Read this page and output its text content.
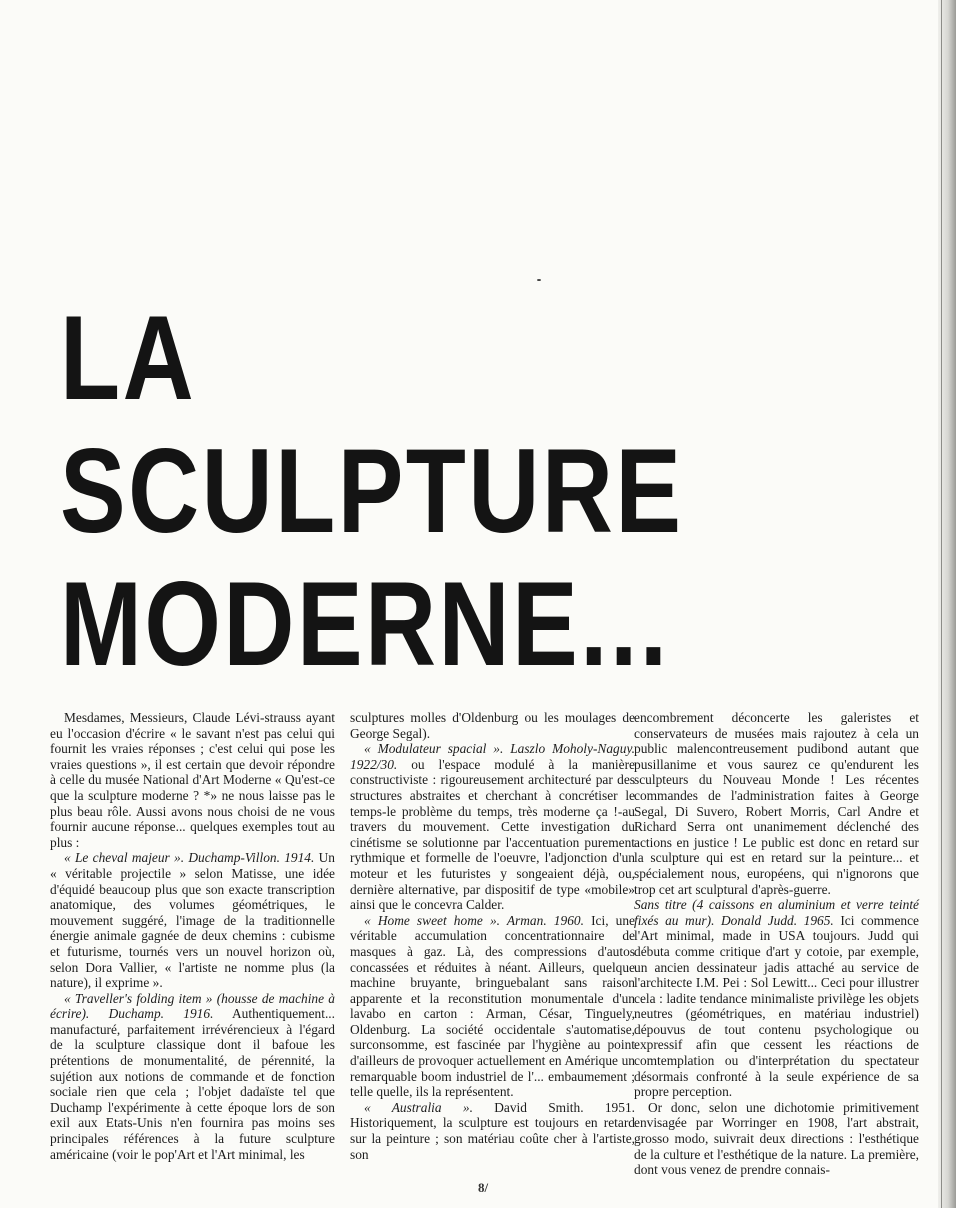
LA
SCULPTURE
MODERNE...

Mesdames, Messieurs, Claude Lévi-strauss ayant eu l'occasion d'écrire « le savant n'est pas celui qui fournit les vraies réponses ; c'est celui qui pose les vraies questions », il est certain que devoir répondre à celle du musée National d'Art Moderne « Qu'est-ce que la sculpture moderne ? *» ne nous laisse pas le plus beau rôle. Aussi avons nous choisi de ne vous fournir aucune réponse... quelques exemples tout au plus :

« Le cheval majeur ». Duchamp-Villon. 1914. Un « véritable projectile » selon Matisse, une idée d'équidé beaucoup plus que son exacte transcription anatomique, des volumes géométriques, le mouvement suggéré, l'image de la traditionnelle énergie animale gagnée de deux chemins : cubisme et futurisme, tournés vers un nouvel horizon où, selon Dora Vallier, « l'artiste ne nomme plus (la nature), il exprime ».

« Traveller's folding item » (housse de machine à écrire). Duchamp. 1916. Authentiquement... manufacturé, parfaitement irrévérencieux à l'égard de la sculpture classique dont il bafoue les prétentions de monumentalité, de pérennité, la sujétion aux notions de commande et de fonction sociale rien que cela ; l'objet dadaïste tel que Duchamp l'expérimente à cette époque lors de son exil aux Etats-Unis n'en fournira pas moins ses principales références à la future sculpture américaine (voir le pop'Art et l'Art minimal, les

sculptures molles d'Oldenburg ou les moulages de George Segal).

« Modulateur spacial ». Laszlo Moholy-Naguy. 1922/30. ou l'espace modulé à la manière constructiviste : rigoureusement architecturé par des structures abstraites et cherchant à concrétiser le temps-le problème du temps, très moderne ça !-au travers du mouvement. Cette investigation du cinétisme se solutionne par l'accentuation purement rythmique et formelle de l'oeuvre, l'adjonction d'un moteur et les futuristes y songeaient déjà, ou, dernière alternative, par dispositif de type «mobile» ainsi que le concevra Calder.

« Home sweet home ». Arman. 1960. Ici, une véritable accumulation concentrationnaire de masques à gaz. Là, des compressions d'autos concassées et réduites à néant. Ailleurs, quelque machine bruyante, bringuebalant sans raison apparente et la reconstitution monumentale d'un lavabo en carton : Arman, César, Tinguely, Oldenburg. La société occidentale s'automatise, surconsomme, est fascinée par l'hygiène au point d'ailleurs de provoquer actuellement en Amérique un remarquable boom industriel de l'... embaumement ; telle quelle, ils la représentent.

« Australia ». David Smith. 1951. Historiquement, la sculpture est toujours en retard sur la peinture ; son matériau coûte cher à l'artiste, son

encombrement déconcerte les galeristes et conservateurs de musées mais rajoutez à cela un public malencontreusement pudibond autant que pusillanime et vous saurez ce qu'endurent les sculpteurs du Nouveau Monde ! Les récentes commandes de l'administration faites à George Segal, Di Suvero, Robert Morris, Carl Andre et Richard Serra ont unanimement déclenché des actions en justice ! Le public est donc en retard sur la sculpture qui est en retard sur la peinture... et spécialement nous, européens, qui n'ignorons que trop cet art sculptural d'après-guerre.

Sans titre (4 caissons en aluminium et verre teinté fixés au mur). Donald Judd. 1965. Ici commence l'Art minimal, made in USA toujours. Judd qui débuta comme critique d'art y cotoie, par exemple, un ancien dessinateur jadis attaché au service de l'architecte I.M. Pei : Sol Lewitt... Ceci pour illustrer cela : ladite tendance minimaliste privilège les objets neutres (géométriques, en matériau industriel) dépouvus de tout contenu psychologique ou expressif afin que cessent les réactions de comtemplation ou d'interprétation du spectateur désormais confronté à la seule expérience de sa propre perception.

Or donc, selon une dichotomie primitivement envisagée par Worringer en 1908, l'art abstrait, grosso modo, suivrait deux directions : l'esthétique de la culture et l'esthétique de la nature. La première, dont vous venez de prendre connais-

8/
